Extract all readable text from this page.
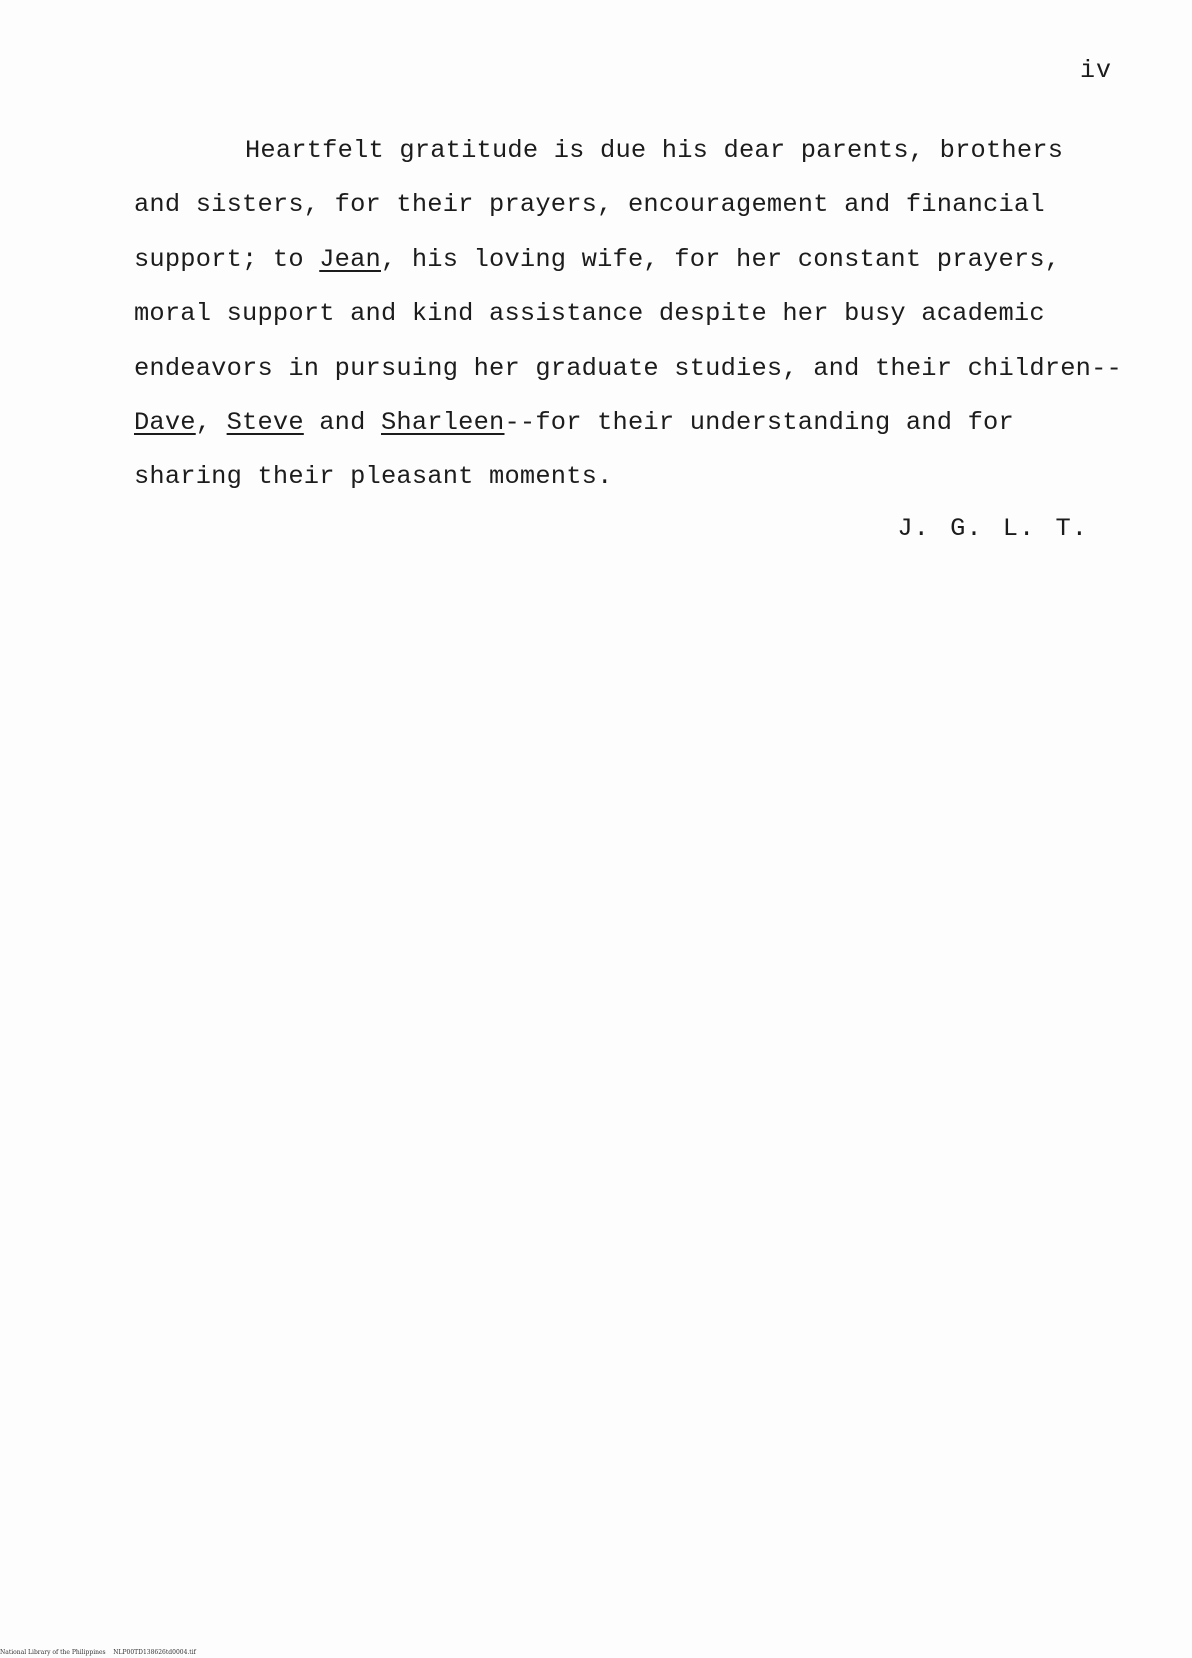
iv
Heartfelt gratitude is due his dear parents, brothers
and sisters, for their prayers, encouragement and financial
support; to Jean, his loving wife, for her constant prayers,
moral support and kind assistance despite her busy academic
endeavors in pursuing her graduate studies, and their children--
Dave, Steve and Sharleen--for their understanding and for
sharing their pleasant moments.
J. G. L. T.
National Library of the Philippines    NLP00TD138626td0004.tif
